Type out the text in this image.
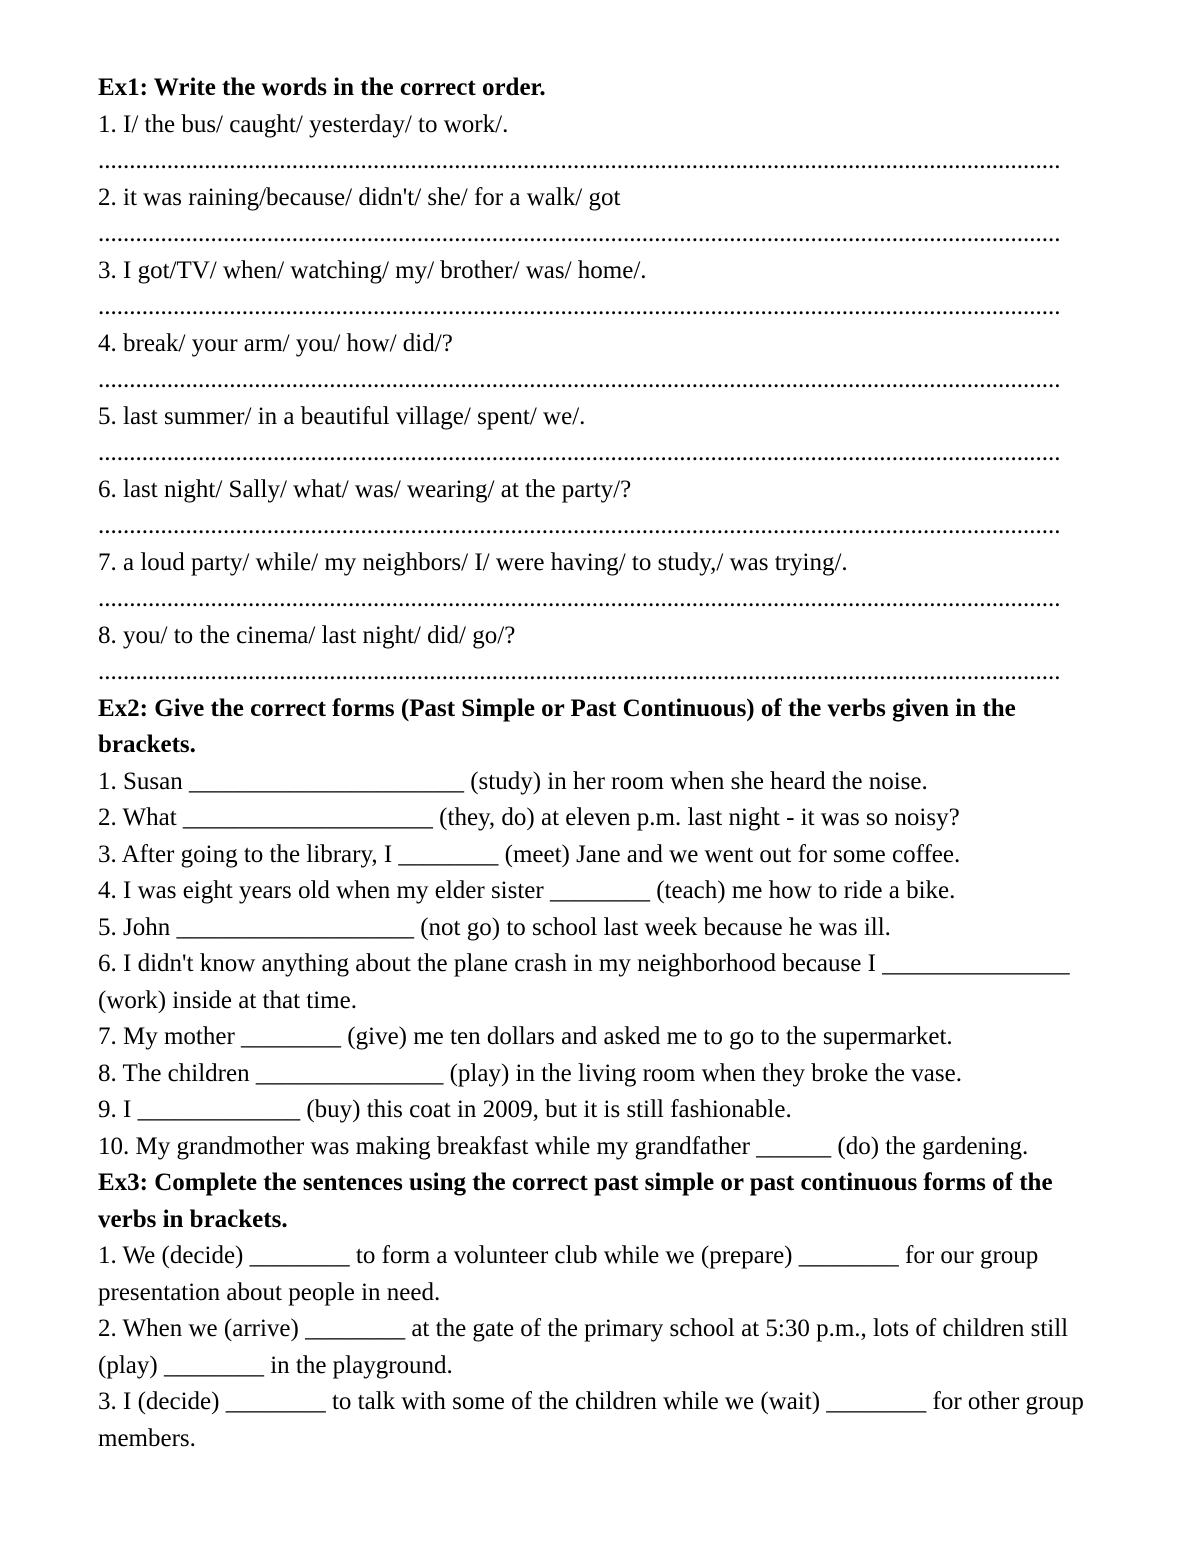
Ex1: Write the words in the correct order.
1. I/ the bus/ caught/ yesterday/ to work/.
..........................................................................................................................................................
2. it was raining/because/ didn't/ she/ for a walk/ got
..........................................................................................................................................................
3. I got/TV/ when/ watching/ my/ brother/ was/ home/.
..........................................................................................................................................................
4. break/ your arm/ you/ how/ did/?
..........................................................................................................................................................
5. last summer/ in a beautiful village/ spent/ we/.
..........................................................................................................................................................
6. last night/ Sally/ what/ was/ wearing/ at the party/?
..........................................................................................................................................................
7. a loud party/ while/ my neighbors/ I/ were having/ to study,/ was trying/.
..........................................................................................................................................................
8. you/ to the cinema/ last night/ did/ go/?
..........................................................................................................................................................
Ex2: Give the correct forms (Past Simple or Past Continuous) of the verbs given in the brackets.
1. Susan ______________________ (study) in her room when she heard the noise.
2. What ____________________ (they, do) at eleven p.m. last night - it was so noisy?
3. After going to the library, I ________ (meet) Jane and we went out for some coffee.
4. I was eight years old when my elder sister ________ (teach) me how to ride a bike.
5. John ___________________ (not go) to school last week because he was ill.
6. I didn't know anything about the plane crash in my neighborhood because I _______________ (work) inside at that time.
7. My mother ________ (give) me ten dollars and asked me to go to the supermarket.
8. The children _______________ (play) in the living room when they broke the vase.
9. I _____________ (buy) this coat in 2009, but it is still fashionable.
10. My grandmother was making breakfast while my grandfather ______ (do) the gardening.
Ex3: Complete the sentences using the correct past simple or past continuous forms of the verbs in brackets.
1. We (decide) ________ to form a volunteer club while we (prepare) ________ for our group presentation about people in need.
2. When we (arrive) ________ at the gate of the primary school at 5:30 p.m., lots of children still (play) ________ in the playground.
3. I (decide) ________ to talk with some of the children while we (wait) ________ for other group members.
